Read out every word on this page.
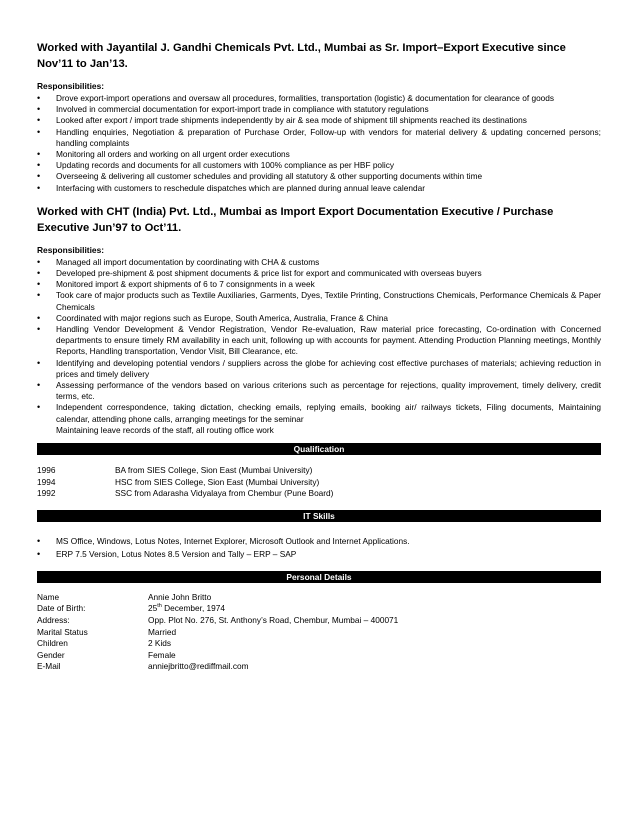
Worked with Jayantilal J. Gandhi Chemicals Pvt. Ltd., Mumbai as Sr. Import–Export Executive since Nov’11 to Jan’13.

Responsibilities:

• Drove export-import operations and oversaw all procedures, formalities, transportation (logistic) & documentation for clearance of goods
• Involved in commercial documentation for export-import trade in compliance with statutory regulations
• Looked after export / import trade shipments independently by air & sea mode of shipment till shipments reached its destinations
• Handling enquiries, Negotiation & preparation of Purchase Order, Follow-up with vendors for material delivery & updating concerned persons; handling complaints
• Monitoring all orders and working on all urgent order executions
• Updating records and documents for all customers with 100% compliance as per HBF policy
• Overseeing & delivering all customer schedules and providing all statutory & other supporting documents within time
• Interfacing with customers to reschedule dispatches which are planned during annual leave calendar

Worked with CHT (India) Pvt. Ltd., Mumbai as Import Export Documentation Executive / Purchase Executive Jun’97 to Oct’11.

Responsibilities:

• Managed all import documentation by coordinating with CHA & customs
• Developed pre-shipment & post shipment documents & price list for export and communicated with overseas buyers
• Monitored import & export shipments of 6 to 7 consignments in a week
• Took care of major products such as Textile Auxiliaries, Garments, Dyes, Textile Printing, Constructions Chemicals, Performance Chemicals & Paper Chemicals
• Coordinated with major regions such as Europe, South America, Australia, France & China
• Handling Vendor Development & Vendor Registration, Vendor Re-evaluation, Raw material price forecasting, Co-ordination with Concerned departments to ensure timely RM availability in each unit, following up with accounts for payment. Attending Production Planning meetings, Monthly Reports, Handling transportation, Vendor Visit, Bill Clearance, etc.
• Identifying and developing potential vendors / suppliers across the globe for achieving cost effective purchases of materials; achieving reduction in prices and timely delivery
• Assessing performance of the vendors based on various criterions such as percentage for rejections, quality improvement, timely delivery, credit terms, etc.
• Independent correspondence, taking dictation, checking emails, replying emails, booking air/ railways tickets, Filing documents, Maintaining calendar, attending phone calls, arranging meetings for the seminar
Maintaining leave records of the staff, all routing office work
Qualification
1996	BA from SIES College, Sion East (Mumbai University)
1994	HSC from SIES College, Sion East (Mumbai University)
1992	SSC from Adarasha Vidyalaya from Chembur (Pune Board)
IT Skills
• MS Office, Windows, Lotus Notes, Internet Explorer, Microsoft Outlook and Internet Applications.
• ERP 7.5 Version, Lotus Notes 8.5 Version and Tally – ERP – SAP
Personal Details
Name	Annie John Britto
Date of Birth:	25th December, 1974
Address:	Opp. Plot No. 276, St. Anthony’s Road, Chembur, Mumbai – 400071
Marital Status	Married
Children	2 Kids
Gender	Female
E-Mail	anniejbritto@rediffmail.com
